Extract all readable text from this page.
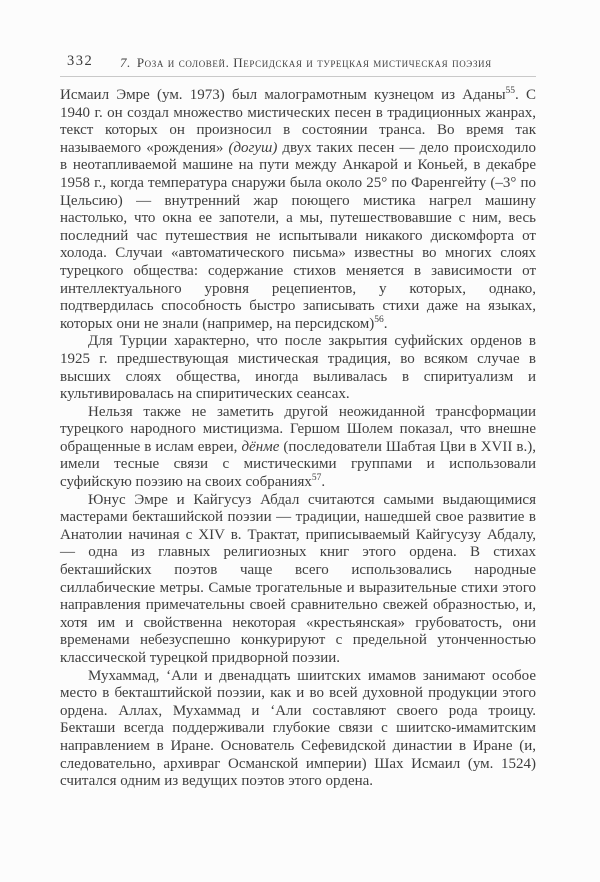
332 7. Роза и соловей. Персидская и турецкая мистическая поэзия

Исмаил Эмре (ум. 1973) был малограмотным кузнецом из Аданы$^{55}$. С 1940 г. он создал множество мистических песен в традиционных жанрах, текст которых он произносил в состоянии транса. Во время так называемого «рождения» (догуш) двух таких песен — дело происходило в неотапливаемой машине на пути между Анкарой и Коньей, в декабре 1958 г., когда температура снаружи была около 25° по Фаренгейту (–3° по Цельсию) — внутренний жар поющего мистика нагрел машину настолько, что окна ее запотели, а мы, путешествовавшие с ним, весь последний час путешествия не испытывали никакого дискомфорта от холода. Случаи «автоматического письма» известны во многих слоях турецкого общества: содержание стихов меняется в зависимости от интеллектуального уровня рецепиентов, у которых, однако, подтвердилась способность быстро записывать стихи даже на языках, которых они не знали (например, на персидском)$^{56}$.

Для Турции характерно, что после закрытия суфийских орденов в 1925 г. предшествующая мистическая традиция, во всяком случае в высших слоях общества, иногда выливалась в спиритуализм и культивировалась на спиритических сеансах.

Нельзя также не заметить другой неожиданной трансформации турецкого народного мистицизма. Гершом Шолем показал, что внешне обращенные в ислам евреи, дёнме (последователи Шабтая Цви в XVII в.), имели тесные связи с мистическими группами и использовали суфийскую поэзию на своих собраниях$^{57}$.

Юнус Эмре и Кайгусуз Абдал считаются самыми выдающимися мастерами бекташийской поэзии — традиции, нашедшей свое развитие в Анатолии начиная с XIV в. Трактат, приписываемый Кайгусузу Абдалу, — одна из главных религиозных книг этого ордена. В стихах бекташийских поэтов чаще всего использовались народные силлабические метры. Самые трогательные и выразительные стихи этого направления примечательны своей сравнительно свежей образностью, и, хотя им и свойственна некоторая «крестьянская» грубоватость, они временами небезуспешно конкурируют с предельной утонченностью классической турецкой придворной поэзии.

Мухаммад, ‘Али и двенадцать шиитских имамов занимают особое место в бекташтийской поэзии, как и во всей духовной продукции этого ордена. Аллах, Мухаммад и ‘Али составляют своего рода троицу. Бекташи всегда поддерживали глубокие связи с шиитско-имамитским направлением в Иране. Основатель Сефевидской династии в Иране (и, следовательно, архивраг Османской империи) Шах Исмаил (ум. 1524) считался одним из ведущих поэтов этого ордена.
